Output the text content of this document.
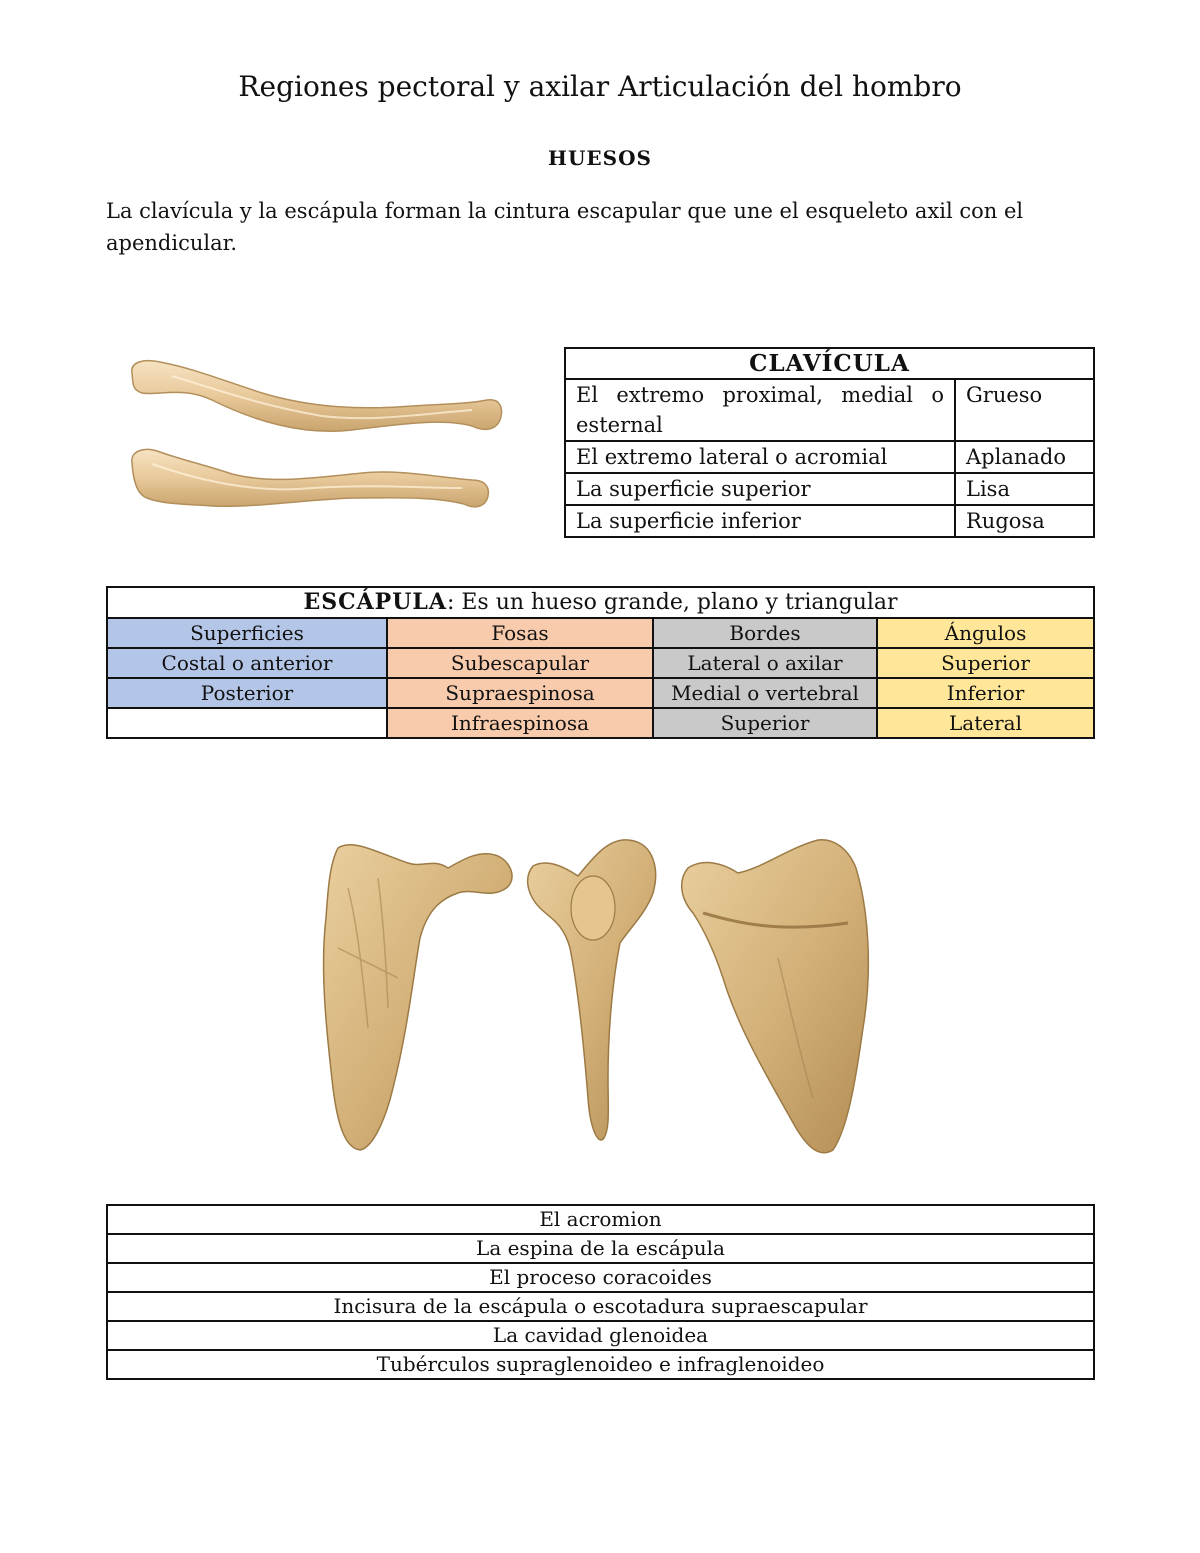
Regiones pectoral y axilar Articulación del hombro
HUESOS
La clavícula y la escápula forman la cintura escapular que une el esqueleto axil con el apendicular.
CLAVÍCULA	
El extremo proximal, medial o esternal	Grueso
El extremo lateral o acromial	Aplanado
La superficie superior	Lisa
La superficie inferior	Rugosa
ESCÁPULA: Es un hueso grande, plano y triangular			
Superficies	Fosas	Bordes	Ángulos
Costal o anterior	Subescapular	Lateral o axilar	Superior
Posterior	Supraespinosa	Medial o vertebral	Inferior
	Infraespinosa	Superior	Lateral
El acromion
La espina de la escápula
El proceso coracoides
Incisura de la escápula o escotadura supraescapular
La cavidad glenoidea
Tubérculos supraglenoideo e infraglenoideo
